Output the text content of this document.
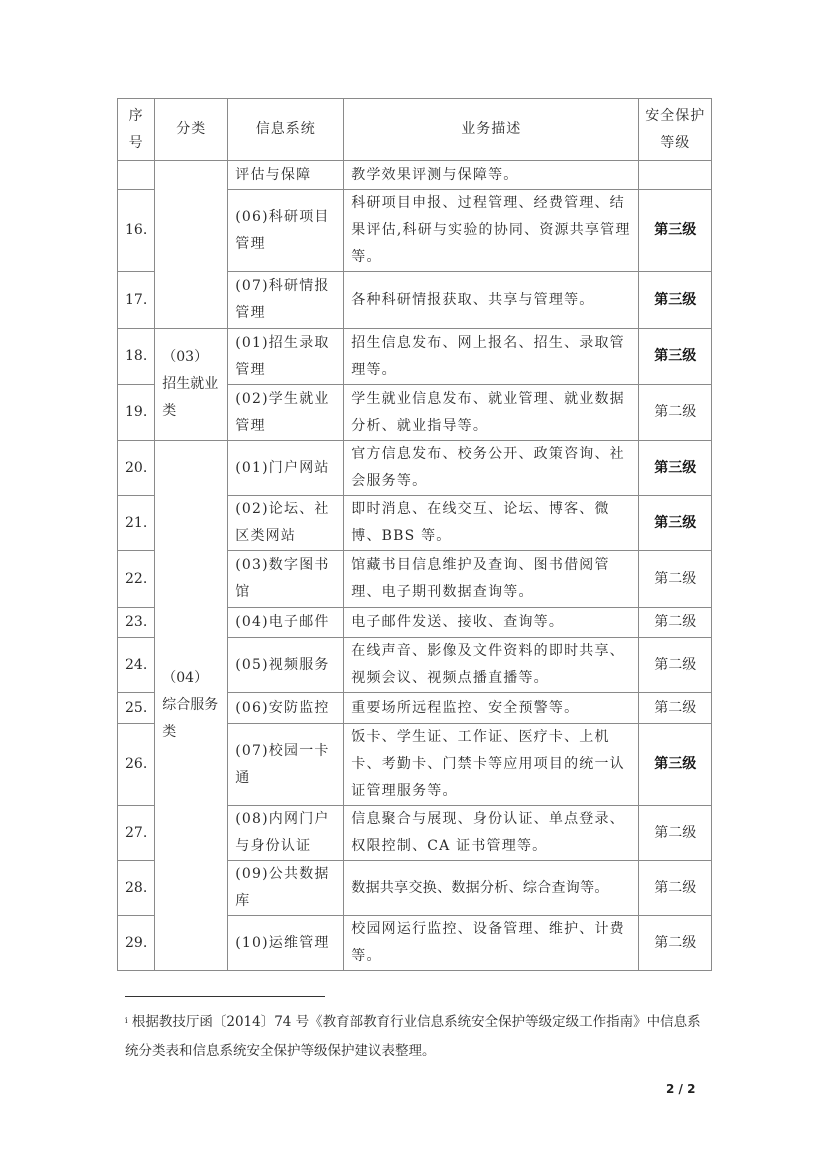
序号	分类	信息系统	业务描述	安全保护等级
		评估与保障	教学效果评测与保障等。	
16.		(06)科研项目管理	科研项目申报、过程管理、经费管理、结果评估,科研与实验的协同、资源共享管理等。	第三级
17.		(07)科研情报管理	各种科研情报获取、共享与管理等。	第三级
18.	（03）招生就业类	(01)招生录取管理	招生信息发布、网上报名、招生、录取管理等。	第三级
19.		(02)学生就业管理	学生就业信息发布、就业管理、就业数据分析、就业指导等。	第二级
20.	（04）综合服务类	(01)门户网站	官方信息发布、校务公开、政策咨询、社会服务等。	第三级
21.		(02)论坛、社区类网站	即时消息、在线交互、论坛、博客、微博、BBS 等。	第三级
22.		(03)数字图书馆	馆藏书目信息维护及查询、图书借阅管理、电子期刊数据查询等。	第二级
23.		(04)电子邮件	电子邮件发送、接收、查询等。	第二级
24.		(05)视频服务	在线声音、影像及文件资料的即时共享、视频会议、视频点播直播等。	第二级
25.		(06)安防监控	重要场所远程监控、安全预警等。	第二级
26.		(07)校园一卡通	饭卡、学生证、工作证、医疗卡、上机卡、考勤卡、门禁卡等应用项目的统一认证管理服务等。	第三级
27.		(08)内网门户与身份认证	信息聚合与展现、身份认证、单点登录、权限控制、CA 证书管理等。	第二级
28.		(09)公共数据库	数据共享交换、数据分析、综合查询等。	第二级
29.		(10)运维管理	校园网运行监控、设备管理、维护、计费等。	第二级
$^i$ 根据教技厅函〔2014〕74 号《教育部教育行业信息系统安全保护等级定级工作指南》中信息系统分类表和信息系统安全保护等级保护建议表整理。
2 / 2
